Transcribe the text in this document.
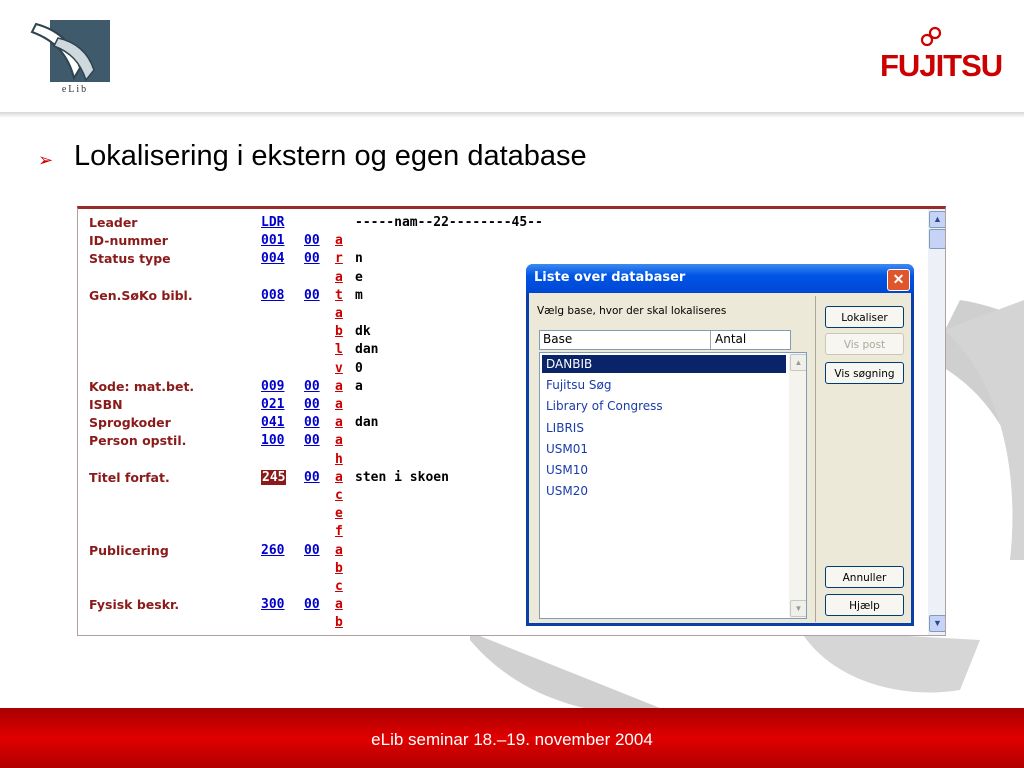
eLib
FUJITSU
➢ Lokalisering i ekstern og egen database
Leader	LDR	-----nam--22--------45--
ID-nummer	001 00 a
Status type	004 00 r n
a e
Gen.SøKo bibl.	008 00 t m
a
b dk
l dan
v 0
Kode: mat.bet.	009 00 a a
ISBN	021 00 a
Sprogkoder	041 00 a dan
Person opstil.	100 00 a
h
Titel forfat.	245 00 a sten i skoen
c
e
f
Publicering	260 00 a
b
c
Fysisk beskr.	300 00 a
b
▲
▼
Liste over databaser	✕
Vælg base, hvor der skal lokaliseres
Base	Antal
DANBIB
Fujitsu Søg
Library of Congress
LIBRIS
USM01
USM10
USM20
▲
▼
Lokaliser
Vis post
Vis søgning
Annuller
Hjælp
eLib seminar 18.–19. november 2004
